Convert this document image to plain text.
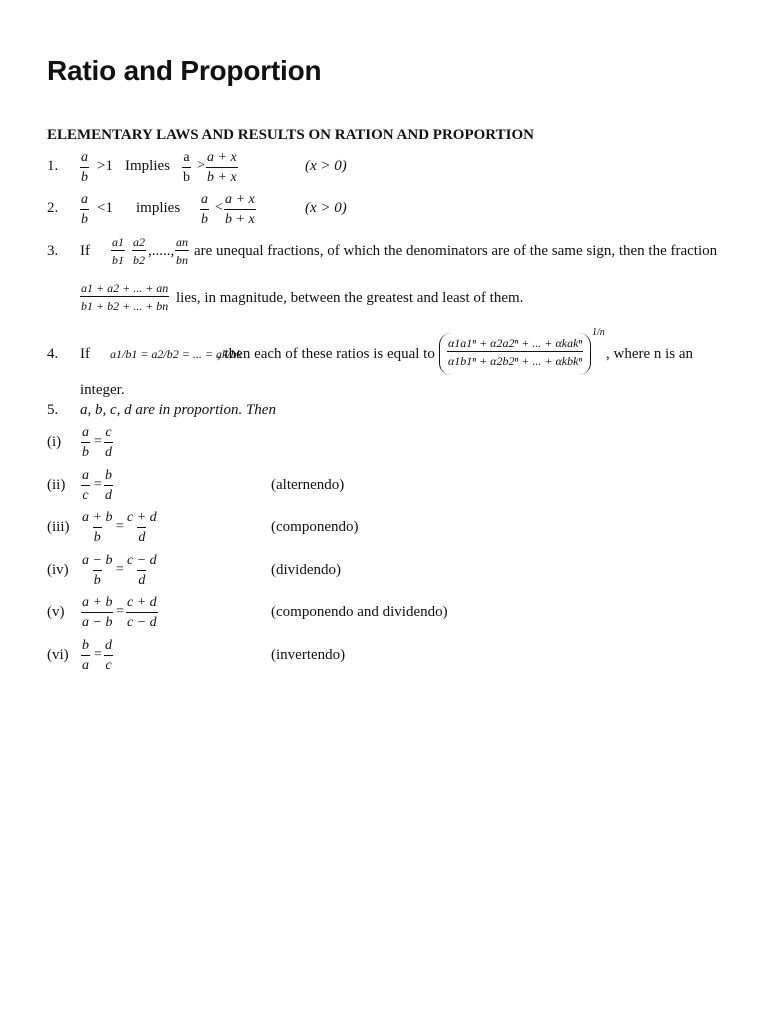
Ratio and Proportion
ELEMENTARY LAWS AND RESULTS ON RATION AND PROPORTION
1. $\frac{a}{b} >1$ Implies $\frac{a}{b} > \frac{a + x}{b + x}$	(x > 0)
2. $\frac{a}{b} <1$ implies $\frac{a}{b} < \frac{a + x}{b + x}$	(x > 0)
3. If $\frac{a1}{b1} \frac{a2}{b2}$ ,....., $\frac{an}{bn}$ are unequal fractions, of which the denominators are of the same sign, then the fraction
$\frac{a1 + a2 + ... + an}{b1 + b2 + ... + bn}$ lies, in magnitude, between the greatest and least of them.
4. If a1/b1 = a2/b2 = ... = ak/bk
, then each of these ratios is equal to
α1a1ⁿ + α2a2ⁿ + ... + αkakⁿ
α1b1ⁿ + α2b2ⁿ + ... + αkbkⁿ
1/n
, where n is an
integer.
5. a, b, c, d are in proportion. Then
$(i) \frac{a}{b} = \frac{c}{d}$
$(ii) \frac{a}{c} = \frac{b}{d}$	(alternendo)
$(iii) \frac{a + b}{b} = \frac{c + d}{d}$	(componendo)
$(iv) \frac{a - b}{b} = \frac{c - d}{d}$	(dividendo)
$(v) \frac{a + b}{a - b} = \frac{c + d}{c - d}$	(componendo and dividendo)
$(vi) \frac{b}{a} = \frac{d}{c}$	(invertendo)
